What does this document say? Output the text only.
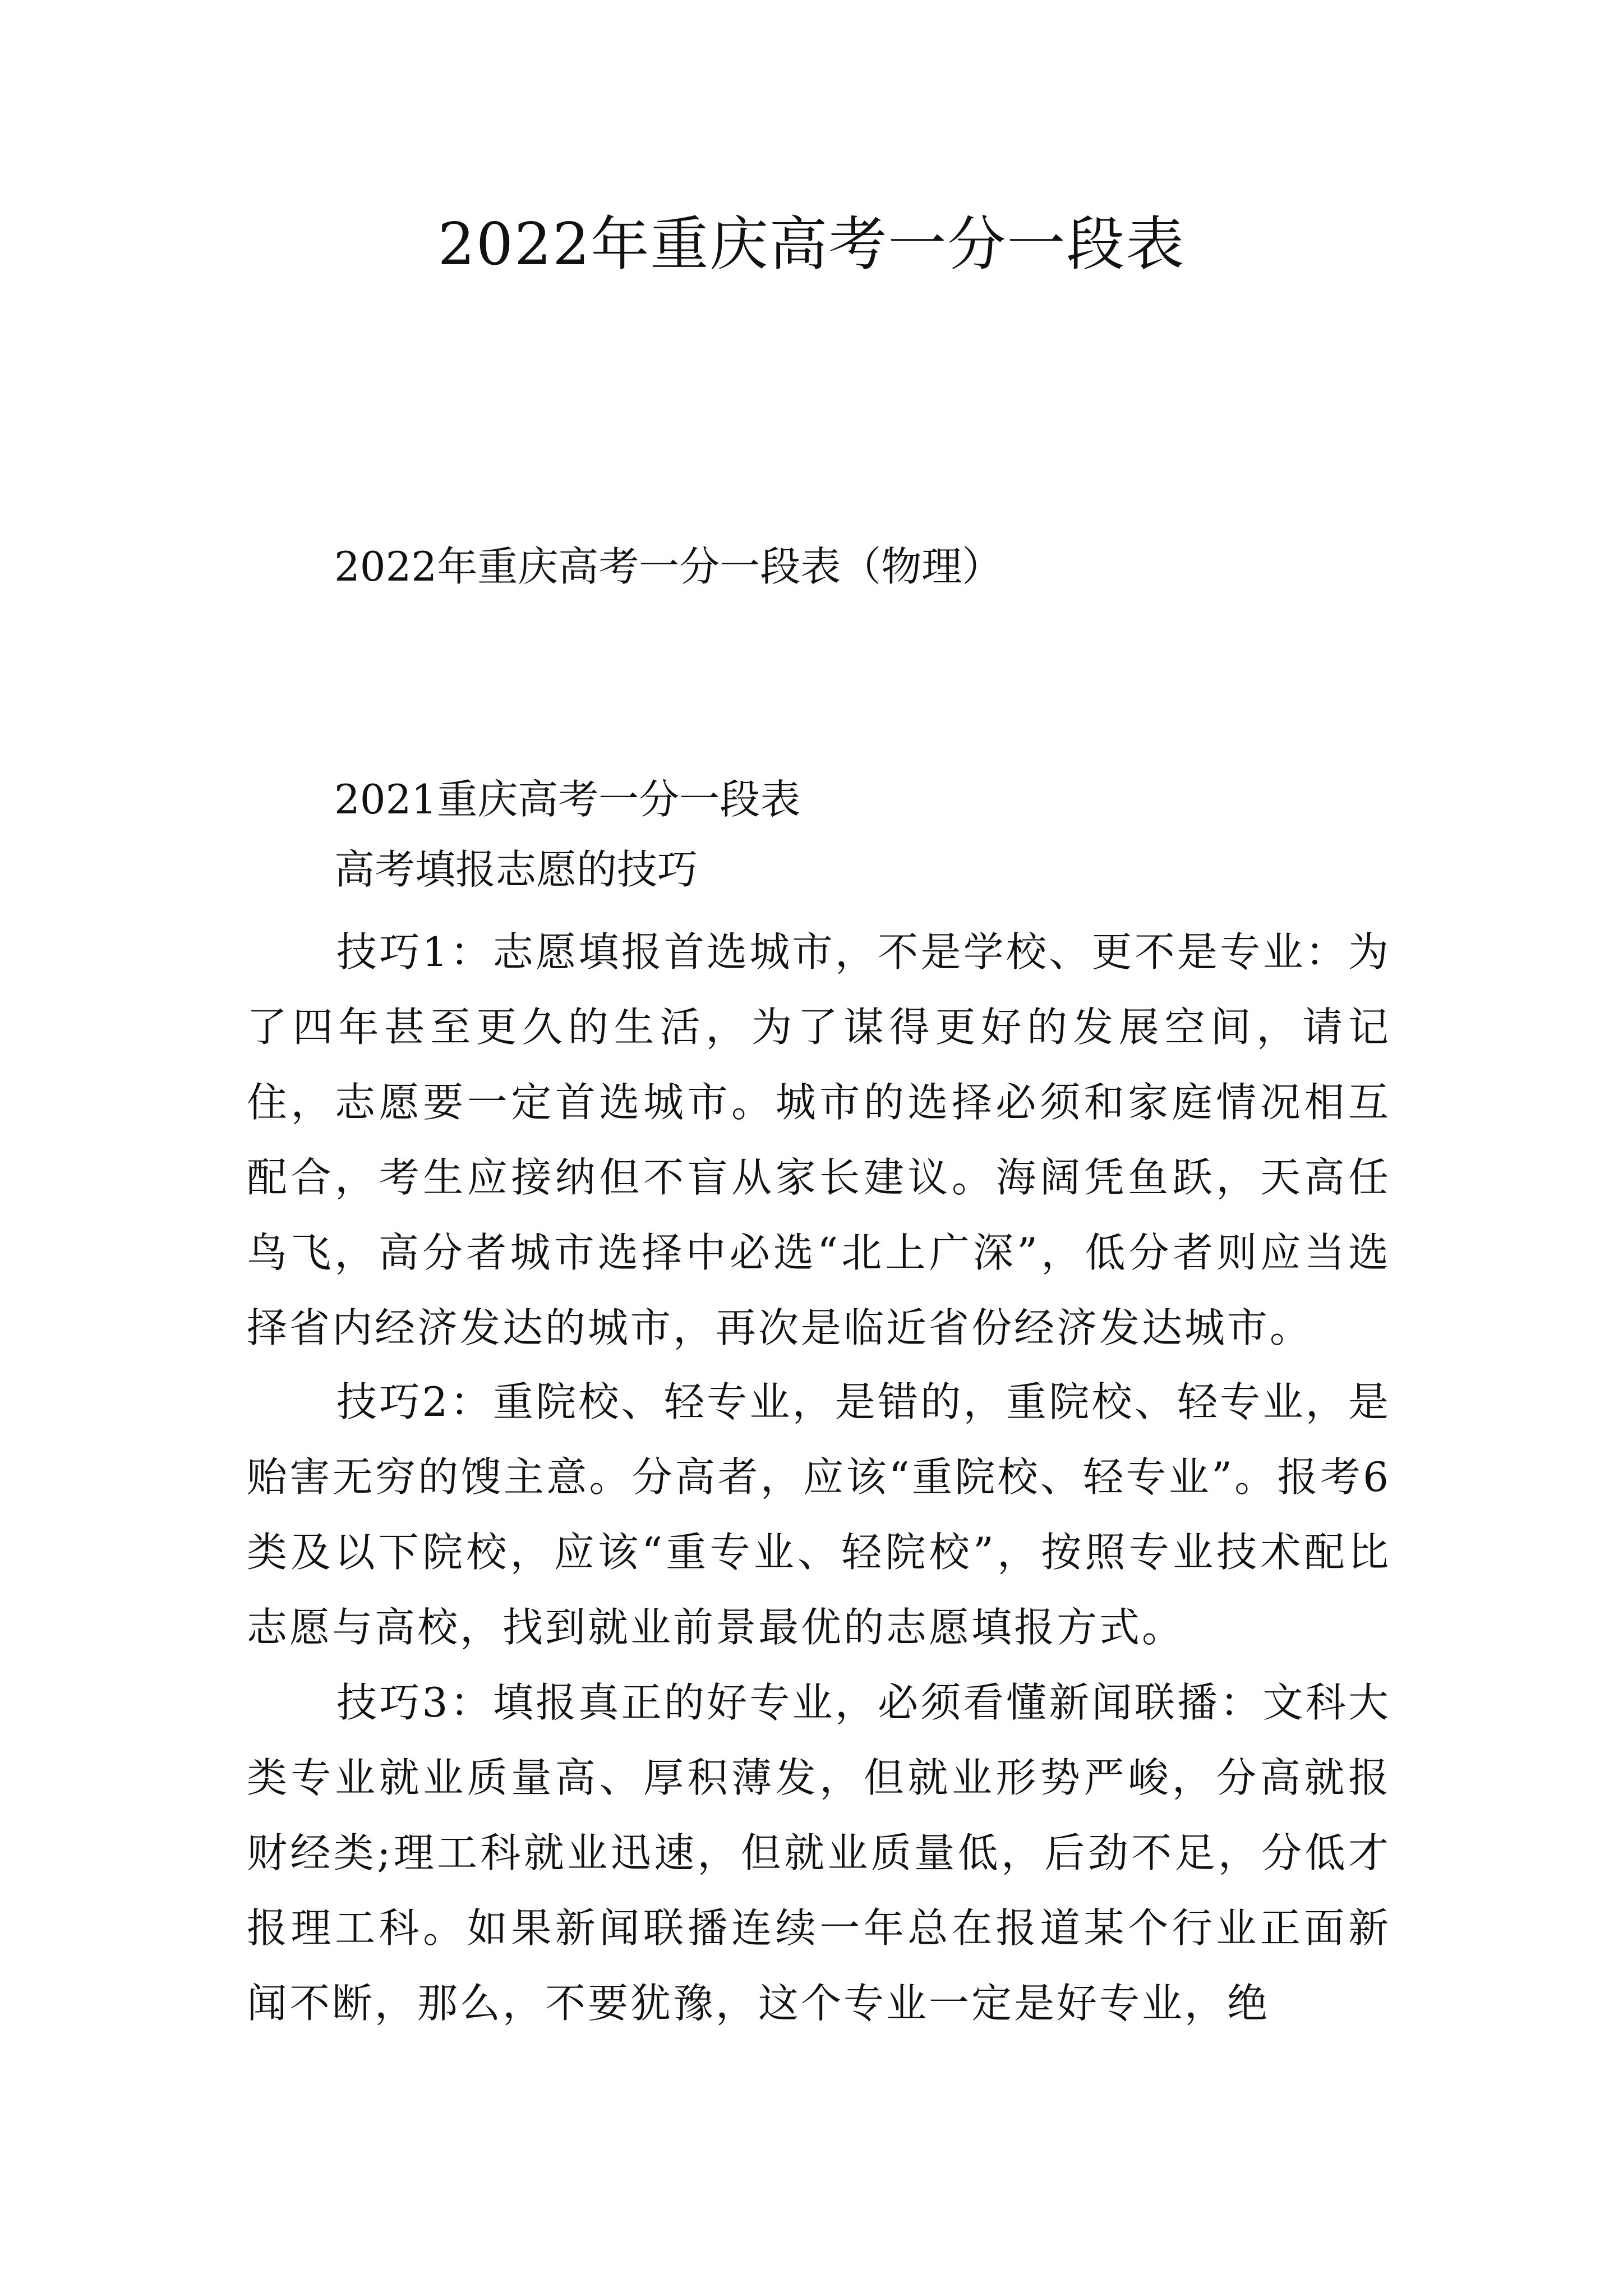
2022年重庆高考一分一段表

2022年重庆高考一分一段表（物理）

2021重庆高考一分一段表

高考填报志愿的技巧

技巧1：志愿填报首选城市，不是学校、更不是专业：为了四年甚至更久的生活，为了谋得更好的发展空间，请记住，志愿要一定首选城市。城市的选择必须和家庭情况相互配合，考生应接纳但不盲从家长建议。海阔凭鱼跃，天高任鸟飞，高分者城市选择中必选“北上广深”，低分者则应当选择省内经济发达的城市，再次是临近省份经济发达城市。

技巧2：重院校、轻专业，是错的，重院校、轻专业，是贻害无穷的馊主意。分高者，应该“重院校、轻专业”。报考6类及以下院校，应该“重专业、轻院校”，按照专业技术配比志愿与高校，找到就业前景最优的志愿填报方式。

技巧3：填报真正的好专业，必须看懂新闻联播：文科大类专业就业质量高、厚积薄发，但就业形势严峻，分高就报财经类;理工科就业迅速，但就业质量低，后劲不足，分低才报理工科。如果新闻联播连续一年总在报道某个行业正面新闻不断，那么，不要犹豫，这个专业一定是好专业，绝
